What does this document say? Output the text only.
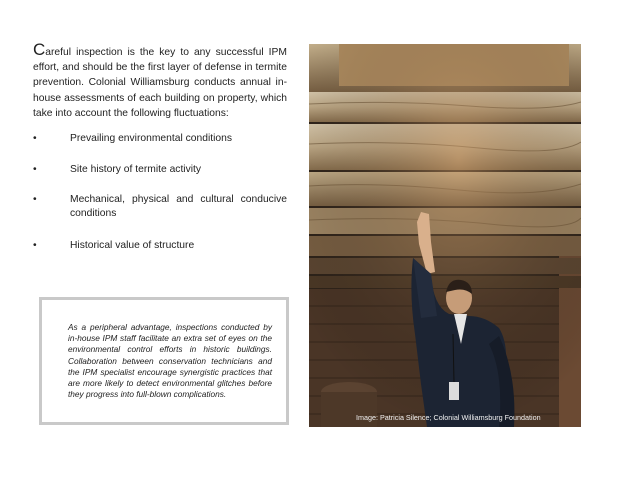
Careful inspection is the key to any successful IPM effort, and should be the first layer of defense in termite prevention. Colonial Williamsburg conducts annual in-house assessments of each building on property, which take into account the following fluctuations:

•	Prevailing environmental conditions
•	Site history of termite activity
•	Mechanical, physical and cultural conducive conditions
•	Historical value of structure

As a peripheral advantage, inspections conducted by in-house IPM staff facilitate an extra set of eyes on the environmental control efforts in historic buildings. Collaboration between conservation technicians and the IPM specialist encourage synergistic practices that are more likely to detect environmental glitches before they progress into full-blown complications.

Image: Patricia Silence; Colonial Williamsburg Foundation
